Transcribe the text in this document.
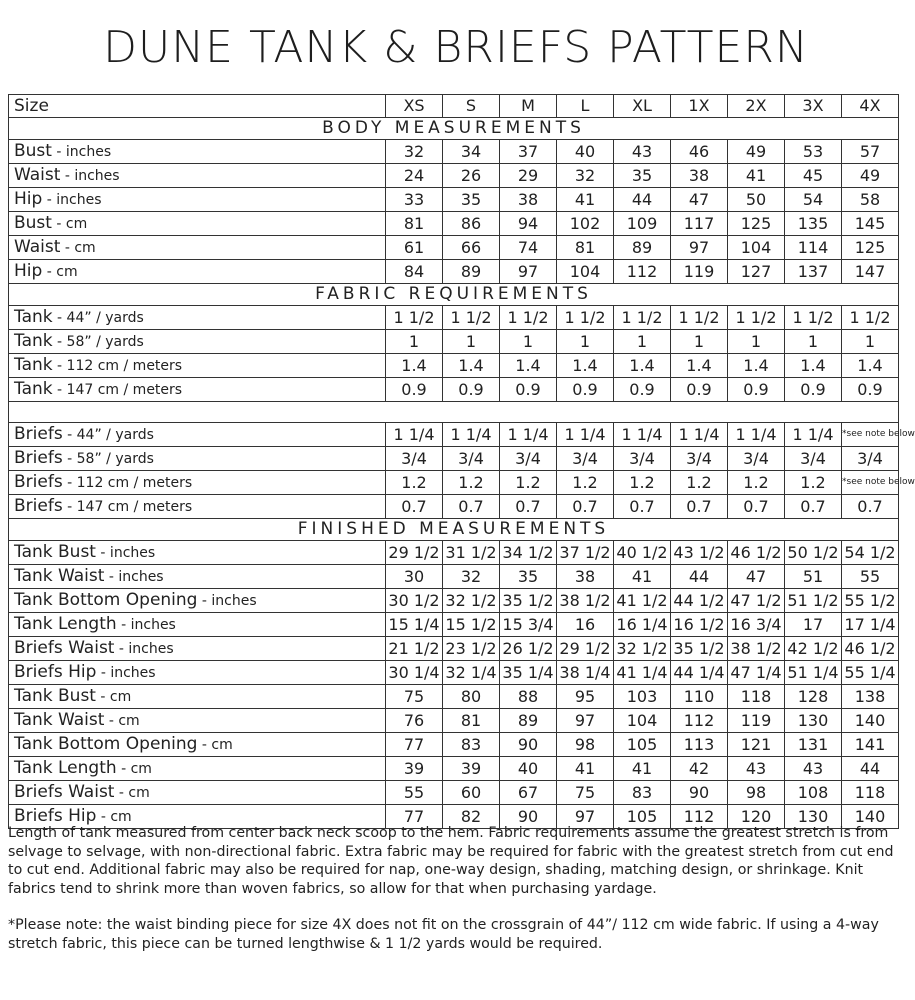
DUNE TANK & BRIEFS PATTERN
Size	XS	S	M	L	XL	1X	2X	3X	4X
BODY MEASUREMENTS									
Bust - inches	32	34	37	40	43	46	49	53	57
Waist - inches	24	26	29	32	35	38	41	45	49
Hip - inches	33	35	38	41	44	47	50	54	58
Bust - cm	81	86	94	102	109	117	125	135	145
Waist - cm	61	66	74	81	89	97	104	114	125
Hip - cm	84	89	97	104	112	119	127	137	147
FABRIC REQUIREMENTS									
Tank - 44” / yards	1 1/2	1 1/2	1 1/2	1 1/2	1 1/2	1 1/2	1 1/2	1 1/2	1 1/2
Tank - 58” / yards	1	1	1	1	1	1	1	1	1
Tank - 112 cm / meters	1.4	1.4	1.4	1.4	1.4	1.4	1.4	1.4	1.4
Tank - 147 cm / meters	0.9	0.9	0.9	0.9	0.9	0.9	0.9	0.9	0.9

Briefs - 44” / yards	1 1/4	1 1/4	1 1/4	1 1/4	1 1/4	1 1/4	1 1/4	1 1/4	*see note below
Briefs - 58” / yards	3/4	3/4	3/4	3/4	3/4	3/4	3/4	3/4	3/4
Briefs - 112 cm / meters	1.2	1.2	1.2	1.2	1.2	1.2	1.2	1.2	*see note below
Briefs - 147 cm / meters	0.7	0.7	0.7	0.7	0.7	0.7	0.7	0.7	0.7
FINISHED MEASUREMENTS									
Tank Bust - inches	29 1/2	31 1/2	34 1/2	37 1/2	40 1/2	43 1/2	46 1/2	50 1/2	54 1/2
Tank Waist - inches	30	32	35	38	41	44	47	51	55
Tank Bottom Opening - inches	30 1/2	32 1/2	35 1/2	38 1/2	41 1/2	44 1/2	47 1/2	51 1/2	55 1/2
Tank Length - inches	15 1/4	15 1/2	15 3/4	16	16 1/4	16 1/2	16 3/4	17	17 1/4
Briefs Waist - inches	21 1/2	23 1/2	26 1/2	29 1/2	32 1/2	35 1/2	38 1/2	42 1/2	46 1/2
Briefs Hip - inches	30 1/4	32 1/4	35 1/4	38 1/4	41 1/4	44 1/4	47 1/4	51 1/4	55 1/4
Tank Bust - cm	75	80	88	95	103	110	118	128	138
Tank Waist - cm	76	81	89	97	104	112	119	130	140
Tank Bottom Opening - cm	77	83	90	98	105	113	121	131	141
Tank Length - cm	39	39	40	41	41	42	43	43	44
Briefs Waist - cm	55	60	67	75	83	90	98	108	118
Briefs Hip - cm	77	82	90	97	105	112	120	130	140

Length of tank measured from center back neck scoop to the hem. Fabric requirements assume the greatest stretch is from selvage to selvage, with non-directional fabric. Extra fabric may be required for fabric with the greatest stretch from cut end to cut end. Additional fabric may also be required for nap, one-way design, shading, matching design, or shrinkage. Knit fabrics tend to shrink more than woven fabrics, so allow for that when purchasing yardage.

*Please note: the waist binding piece for size 4X does not fit on the crossgrain of 44”/ 112 cm wide fabric. If using a 4-way stretch fabric, this piece can be turned lengthwise & 1 1/2 yards would be required.
